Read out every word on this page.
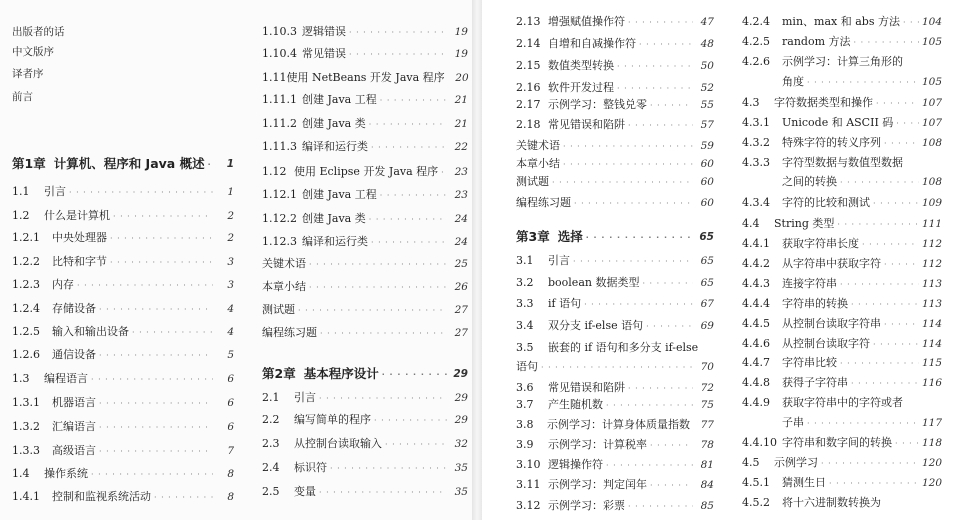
出版者的话
中文版序
译者序
前言
第1章 计算机、程序和 Java 概述 · · ·	1
1.1	引言 · · ·	1
1.2	什么是计算机 · · ·	2
1.2.1	中央处理器 · · ·	2
1.2.2	比特和字节 · · ·	3
1.2.3	内存 · · ·	3
1.2.4	存储设备 · · ·	4
1.2.5	输入和输出设备 · · ·	4
1.2.6	通信设备 · · ·	5
1.3	编程语言 · · ·	6
1.3.1	机器语言 · · ·	6
1.3.2	汇编语言 · · ·	6
1.3.3	高级语言 · · ·	7
1.4	操作系统 · · ·	8
1.4.1	控制和监视系统活动 · · ·	8
1.10.3 逻辑错误 · · ·	19
1.10.4 常见错误 · · ·	19
1.11 使用 NetBeans 开发 Java 程序	20
1.11.1 创建 Java 工程 · · ·	21
1.11.2 创建 Java 类 · · ·	21
1.11.3 编译和运行类 · · ·	22
1.12 使用 Eclipse 开发 Java 程序 · · ·	23
1.12.1 创建 Java 工程 · · ·	23
1.12.2 创建 Java 类 · · ·	24
1.12.3 编译和运行类 · · ·	24
关键术语 · · ·	25
本章小结 · · ·	26
测试题 · · ·	27
编程练习题 · · ·	27
第2章 基本程序设计 · · ·	29
2.1	引言 · · ·	29
2.2	编写简单的程序 · · ·	29
2.3	从控制台读取输入 · · ·	32
2.4	标识符 · · ·	35
2.5	变量 · · ·	35
2.13 增强赋值操作符 · · ·	47
2.14 自增和自减操作符 · · ·	48
2.15 数值类型转换 · · ·	50
2.16 软件开发过程 · · ·	52
2.17 示例学习：整钱兑零 · · ·	55
2.18 常见错误和陷阱 · · ·	57
关键术语 · · ·	59
本章小结 · · ·	60
测试题 · · ·	60
编程练习题 · · ·	60
第3章 选择 · · ·	65
3.1	引言 · · ·	65
3.2	boolean 数据类型 · · ·	65
3.3	if 语句 · · ·	67
3.4	双分支 if-else 语句 · · ·	69
3.5	嵌套的 if 语句和多分支 if-else
语句 · · ·	70
3.6	常见错误和陷阱 · · ·	72
3.7	产生随机数 · · ·	75
3.8	示例学习：计算身体质量指数	77
3.9	示例学习：计算税率 · · ·	78
3.10 逻辑操作符 · · ·	81
3.11 示例学习：判定闰年 · · ·	84
3.12 示例学习：彩票 · · ·	85
4.2.4	min、max 和 abs 方法 · · · 104
4.2.5	random 方法 · · ·	105
4.2.6	示例学习：计算三角形的
角度 · · ·	105
4.3	字符数据类型和操作 · · ·	107
4.3.1	Unicode 和 ASCII 码 · · ·	107
4.3.2	特殊字符的转义序列 · · ·	108
4.3.3	字符型数据与数值型数据
之间的转换 · · ·	108
4.3.4	字符的比较和测试 · · ·	109
4.4	String 类型 · · ·	111
4.4.1	获取字符串长度 · · ·	112
4.4.2	从字符串中获取字符 · · ·	112
4.4.3	连接字符串 · · ·	113
4.4.4	字符串的转换 · · ·	113
4.4.5	从控制台读取字符串 · · ·	114
4.4.6	从控制台读取字符 · · ·	114
4.4.7	字符串比较 · · ·	115
4.4.8	获得子字符串 · · ·	116
4.4.9	获取字符串中的字符或者
子串 · · ·	117
4.4.10 字符串和数字间的转换 · · ·	118
4.5	示例学习 · · ·	120
4.5.1	猜测生日 · · ·	120
4.5.2	将十六进制数转换为
